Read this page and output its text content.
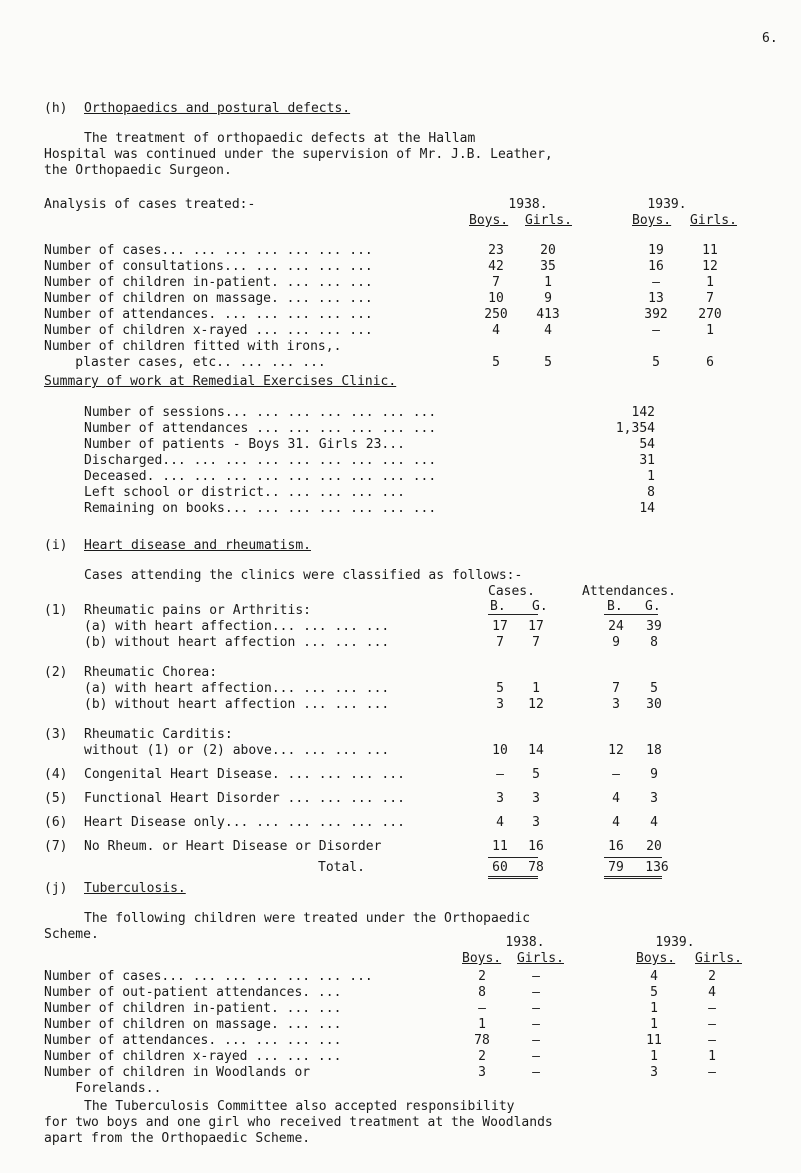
6.
(h) Orthopaedics and postural defects.
The treatment of orthopaedic defects at the Hallam
Hospital was continued under the supervision of Mr. J.B. Leather,
the Orthopaedic Surgeon.
Analysis of cases treated:-	1938.	1939.
Boys. Girls.	Boys. Girls.
Number of cases... ... ... ... ... ... ...	23	20	19	11
Number of consultations... ... ... ... ...	42	35	16	12
Number of children in-patient. ... ... ...	7	1	–	1
Number of children on massage. ... ... ...	10	9	13	7
Number of attendances. ... ... ... ... ...	250	413	392	270
Number of children x-rayed ... ... ... ...	4	4	–	1
Number of children fitted with irons,.
plaster cases, etc.. ... ... ...	5	5	5	6
Summary of work at Remedial Exercises Clinic.
Number of sessions... ... ... ... ... ... ...	142
Number of attendances ... ... ... ... ... ...	1,354
Number of patients - Boys 31. Girls 23...	54
Discharged... ... ... ... ... ... ... ... ...	31
Deceased. ... ... ... ... ... ... ... ... ...	1
Left school or district.. ... ... ... ...	8
Remaining on books... ... ... ... ... ... ...	14
(i) Heart disease and rheumatism.
Cases attending the clinics were classified as follows:-
Cases.	Attendances.
B. G.	B. G.
(1) Rheumatic pains or Arthritis:
(a) with heart affection... ... ... ...	17	17	24	39
(b) without heart affection ... ... ...	7	7	9	8
(2) Rheumatic Chorea:
(a) with heart affection... ... ... ...	5	1	7	5
(b) without heart affection ... ... ...	3	12	3	30
(3) Rheumatic Carditis:
without (1) or (2) above... ... ... ...	10	14	12	18
(4) Congenital Heart Disease. ... ... ... ...	–	5	–	9
(5) Functional Heart Disorder ... ... ... ...	3	3	4	3
(6) Heart Disease only... ... ... ... ... ...	4	3	4	4
(7) No Rheum. or Heart Disease or Disorder	11	16	16	20
Total.	60	78	79	136
(j) Tuberculosis.
The following children were treated under the Orthopaedic
Scheme.
1938.	1939.
Boys. Girls.	Boys. Girls.
Number of cases... ... ... ... ... ... ...	2	–	4	2
Number of out-patient attendances. ...	8	–	5	4
Number of children in-patient. ... ...	–	–	1	–
Number of children on massage. ... ...	1	–	1	–
Number of attendances. ... ... ... ...	78	–	11	–
Number of children x-rayed ... ... ...	2	–	1	1
Number of children in Woodlands or	3	–	3	–
Forelands..
The Tuberculosis Committee also accepted responsibility
for two boys and one girl who received treatment at the Woodlands
apart from the Orthopaedic Scheme.
